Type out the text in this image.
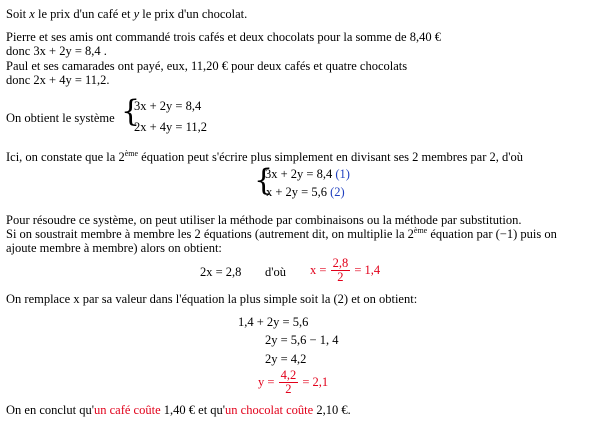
Soit x le prix d'un café et y le prix d'un chocolat.
Pierre et ses amis ont commandé trois cafés et deux chocolats pour la somme de 8,40 €
donc 3x + 2y = 8,4 .
Paul et ses camarades ont payé, eux, 11,20 € pour deux cafés et quatre chocolats
donc 2x + 4y = 11,2.
On obtient le système {
3x + 2y = 8,4
2x + 4y = 11,2
Ici, on constate que la 2ème équation peut s'écrire plus simplement en divisant ses 2 membres par 2, d'où
{
3x + 2y = 8,4 (1)
x + 2y = 5,6 (2)
Pour résoudre ce système, on peut utiliser la méthode par combinaisons ou la méthode par substitution.
Si on soustrait membre à membre les 2 équations (autrement dit, on multiplie la 2ème équation par (−1) puis on
ajoute membre à membre) alors on obtient:
2x = 2,8 d'où $x = \frac{2,8}{2} = 1,4$
On remplace x par sa valeur dans l'équation la plus simple soit la (2) et on obtient:
1,4 + 2y = 5,6
2y = 5,6 − 1, 4
2y = 4,2
$y = \frac{4,2}{2} = 2,1$
On en conclut qu'un café coûte 1,40 € et qu'un chocolat coûte 2,10 €.
